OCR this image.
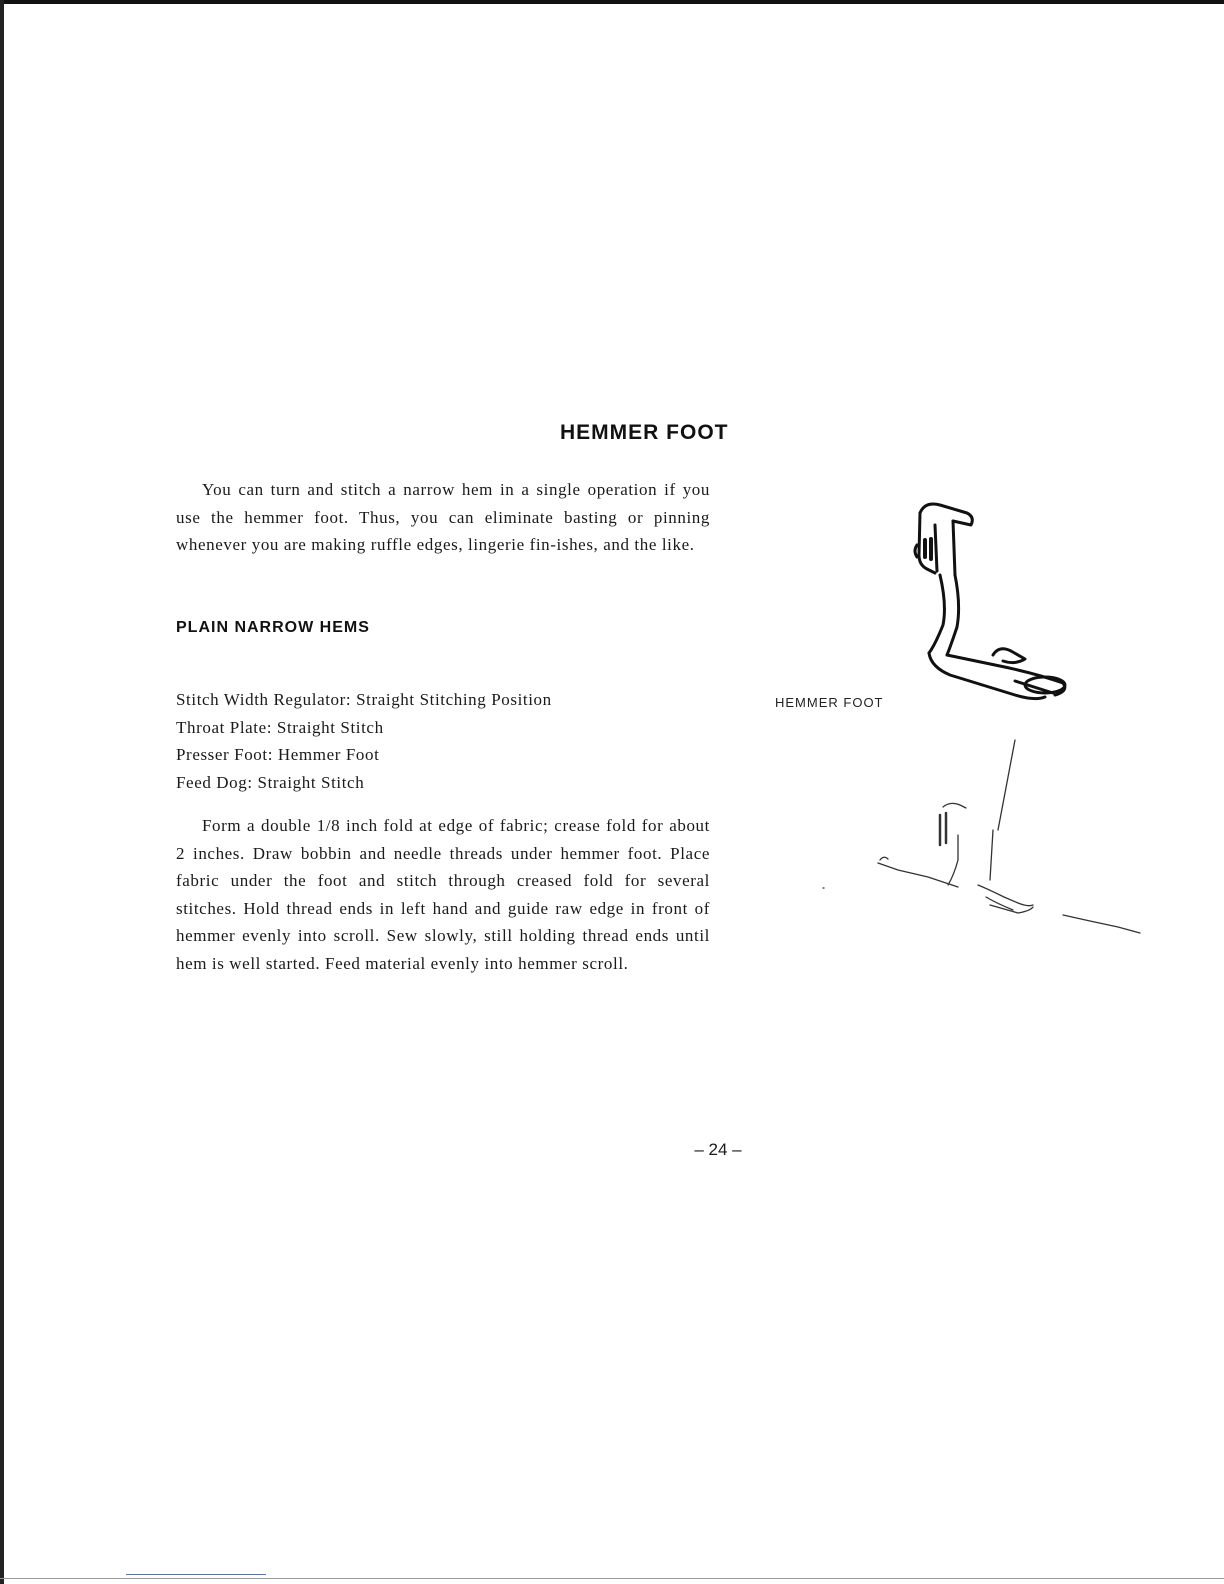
HEMMER FOOT

You can turn and stitch a narrow hem in a single operation if you use the hemmer foot. Thus, you can eliminate basting or pinning whenever you are making ruffle edges, lingerie fin-ishes, and the like.

PLAIN NARROW HEMS
Stitch Width Regulator: Straight Stitching Position
Throat Plate: Straight Stitch
Presser Foot: Hemmer Foot
Feed Dog: Straight Stitch

Form a double 1/8 inch fold at edge of fabric; crease fold for about 2 inches. Draw bobbin and needle threads under hemmer foot. Place fabric under the foot and stitch through creased fold for several stitches. Hold thread ends in left hand and guide raw edge in front of hemmer evenly into scroll. Sew slowly, still holding thread ends until hem is well started. Feed material evenly into hemmer scroll.

HEMMER FOOT
– 24 –
